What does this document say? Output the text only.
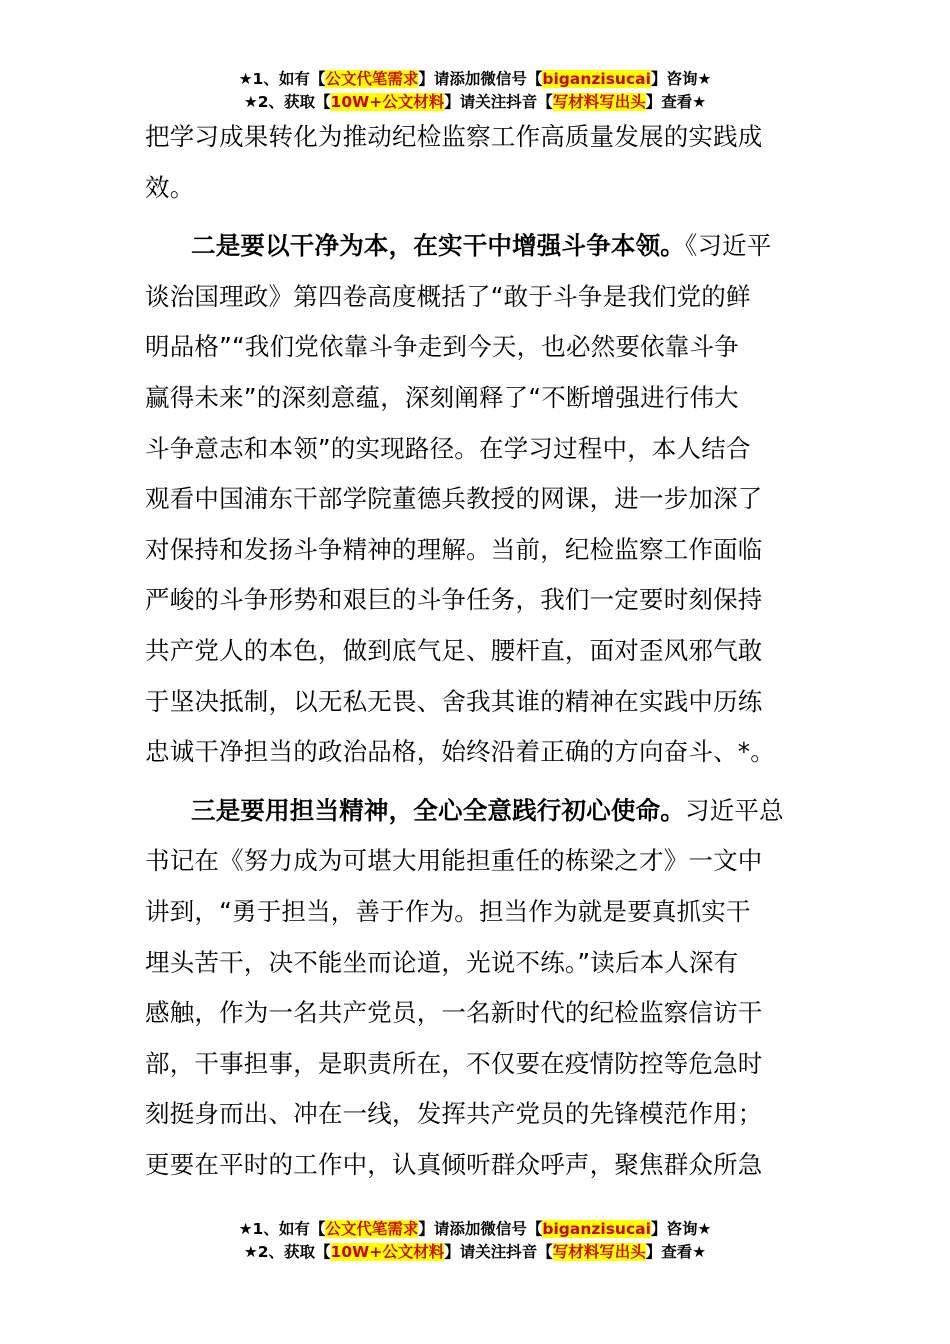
★1、如有【公文代笔需求】请添加微信号【biganzisucai】咨询★
★2、获取【10W+公文材料】请关注抖音【写材料写出头】查看★
把学习成果转化为推动纪检监察工作高质量发展的实践成
效。
二是要以干净为本，在实干中增强斗争本领。《习近平
谈治国理政》第四卷高度概括了“敢于斗争是我们党的鲜
明品格”“我们党依靠斗争走到今天，也必然要依靠斗争
赢得未来”的深刻意蕴，深刻阐释了“不断增强进行伟大
斗争意志和本领”的实现路径。在学习过程中，本人结合
观看中国浦东干部学院董德兵教授的网课，进一步加深了
对保持和发扬斗争精神的理解。当前，纪检监察工作面临
严峻的斗争形势和艰巨的斗争任务，我们一定要时刻保持
共产党人的本色，做到底气足、腰杆直，面对歪风邪气敢
于坚决抵制，以无私无畏、舍我其谁的精神在实践中历练
忠诚干净担当的政治品格，始终沿着正确的方向奋斗、*。
三是要用担当精神，全心全意践行初心使命。习近平总
书记在《努力成为可堪大用能担重任的栋梁之才》一文中
讲到，“勇于担当，善于作为。担当作为就是要真抓实干
埋头苦干，决不能坐而论道，光说不练。”读后本人深有
感触，作为一名共产党员，一名新时代的纪检监察信访干
部，干事担事，是职责所在，不仅要在疫情防控等危急时
刻挺身而出、冲在一线，发挥共产党员的先锋模范作用；
更要在平时的工作中，认真倾听群众呼声，聚焦群众所急
★1、如有【公文代笔需求】请添加微信号【biganzisucai】咨询★
★2、获取【10W+公文材料】请关注抖音【写材料写出头】查看★
